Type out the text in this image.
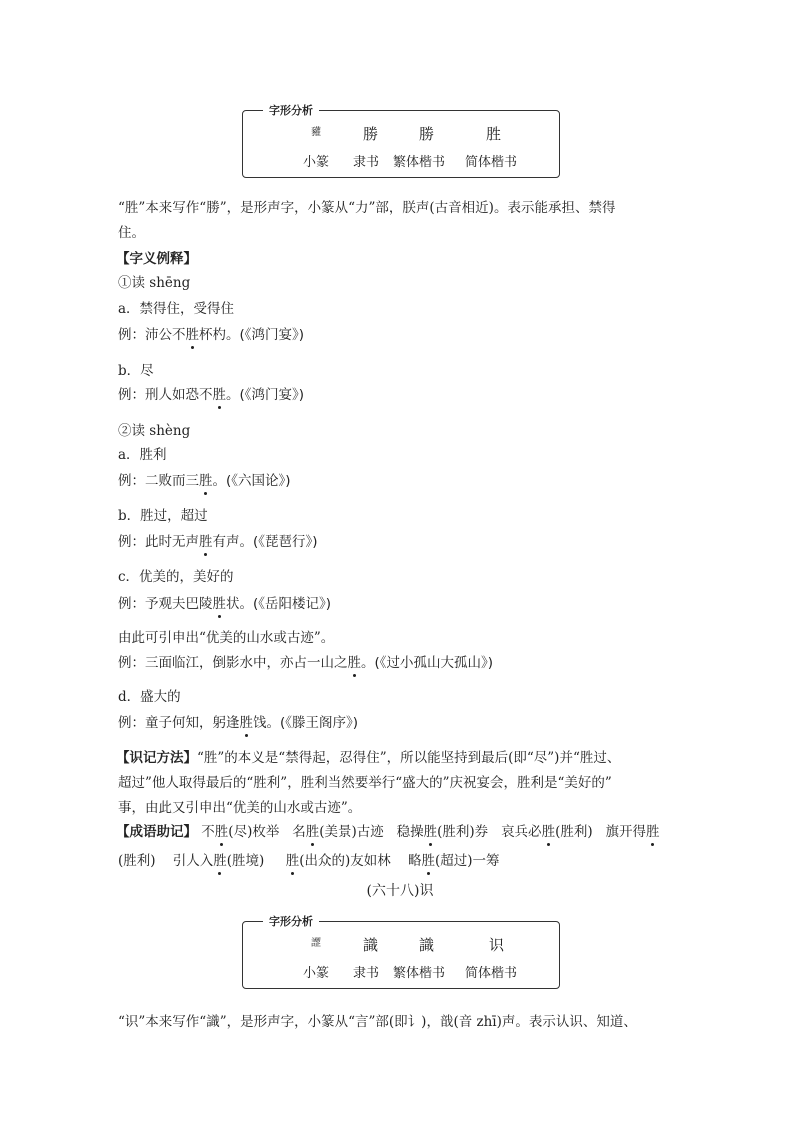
字形分析
䝔	勝	勝	胜
小篆 隶书 繁体楷书 简体楷书
“胜”本来写作“勝”，是形声字，小篆从“力”部，朕声(古音相近)。表示能承担、禁得
住。
【字义例释】
①读 shēng
a．禁得住，受得住
例：沛公不胜杯杓。(《鸿门宴》)
b．尽
例：刑人如恐不胜。(《鸿门宴》)
②读 shèng
a．胜利
例：二败而三胜。(《六国论》)
b．胜过，超过
例：此时无声胜有声。(《琵琶行》)
c．优美的，美好的
例：予观夫巴陵胜状。(《岳阳楼记》)
由此可引申出“优美的山水或古迹”。
例：三面临江，倒影水中，亦占一山之胜。(《过小孤山大孤山》)
d．盛大的
例：童子何知，躬逢胜饯。(《滕王阁序》)
【识记方法】“胜”的本义是“禁得起，忍得住”，所以能坚持到最后(即“尽”)并“胜过、
超过”他人取得最后的“胜利”，胜利当然要举行“盛大的”庆祝宴会，胜利是“美好的”
事，由此又引申出“优美的山水或古迹”。
【成语助记】 不胜(尽)枚举 名胜(美景)古迹 稳操胜(胜利)券 哀兵必胜(胜利) 旗开得胜
(胜利) 引人入胜(胜境) 胜(出众的)友如林 略胜(超过)一筹
(六十八)识
字形分析
䜀	識	識	识
小篆 隶书 繁体楷书 简体楷书
“识”本来写作“識”，是形声字，小篆从“言”部(即讠)，戠(音 zhī)声。表示认识、知道、
